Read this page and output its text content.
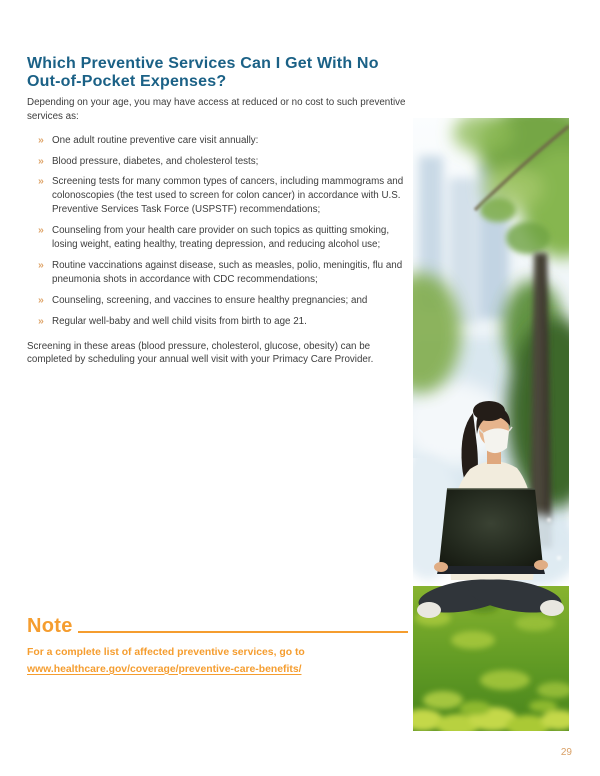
Which Preventive Services Can I Get With No Out-of-Pocket Expenses?

Depending on your age, you may have access at reduced or no cost to such preventive services as:

» One adult routine preventive care visit annually:
» Blood pressure, diabetes, and cholesterol tests;
» Screening tests for many common types of cancers, including mammograms and colonoscopies (the test used to screen for colon cancer) in accordance with U.S. Preventive Services Task Force (USPSTF) recommendations;
» Counseling from your health care provider on such topics as quitting smoking, losing weight, eating healthy, treating depression, and reducing alcohol use;
» Routine vaccinations against disease, such as measles, polio, meningitis, flu and pneumonia shots in accordance with CDC recommendations;
» Counseling, screening, and vaccines to ensure healthy pregnancies; and
» Regular well-baby and well child visits from birth to age 21.

Screening in these areas (blood pressure, cholesterol, glucose, obesity) can be completed by scheduling your annual well visit with your Primacy Care Provider.

Note
For a complete list of affected preventive services, go to
www.healthcare.gov/coverage/preventive-care-benefits/
29
